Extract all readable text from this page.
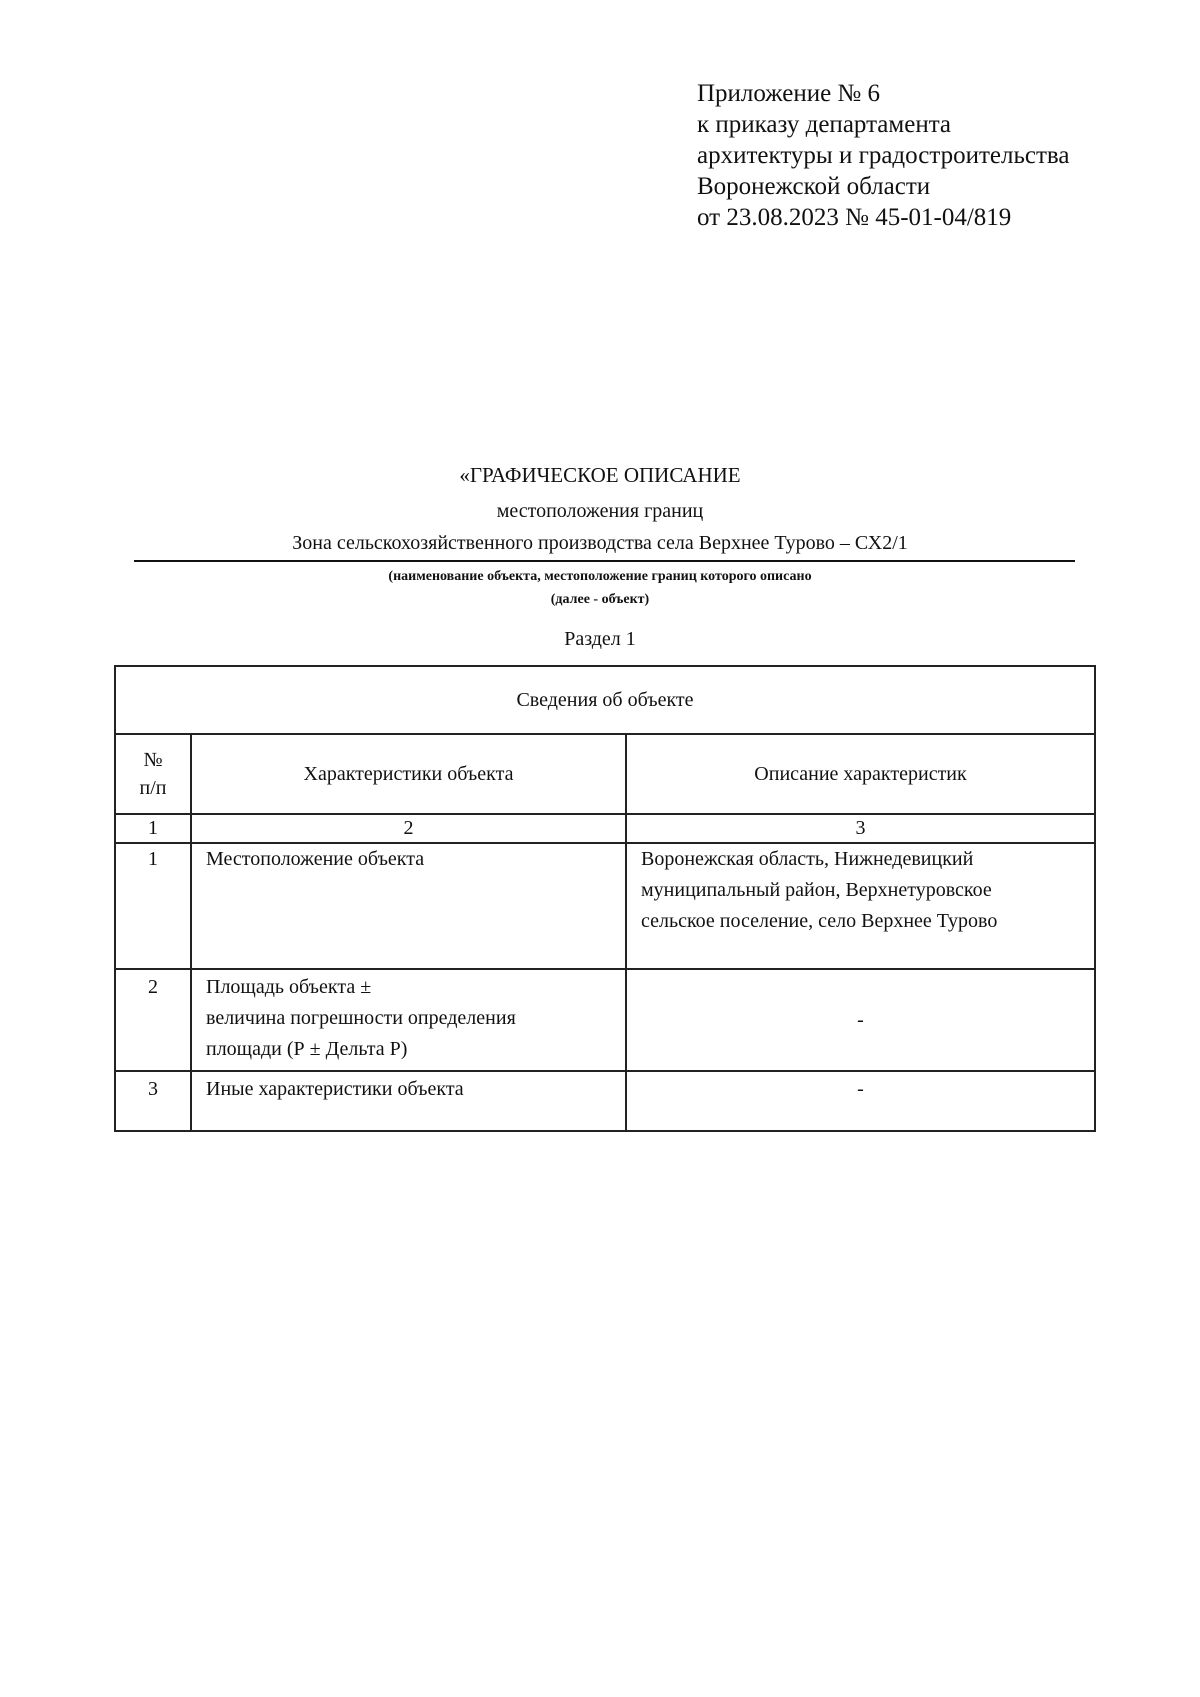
Приложение № 6
к приказу департамента
архитектуры и градостроительства
Воронежской области
от 23.08.2023 № 45-01-04/819
«ГРАФИЧЕСКОЕ ОПИСАНИЕ
местоположения границ
Зона сельскохозяйственного производства села Верхнее Турово – СХ2/1
(наименование объекта, местоположение границ которого описано
(далее - объект)
Раздел 1
Сведения об объекте		

№
п/п	Характеристики объекта	Описание характеристик
1	2	3
1	Местоположение объекта	Воронежская область, Нижнедевицкий
муниципальный район, Верхнетуровское
сельское поселение, село Верхнее Турово

2	Площадь объекта ±
величина погрешности определения
площади (Р ± Дельта Р)	-

3	Иные характеристики объекта	-
